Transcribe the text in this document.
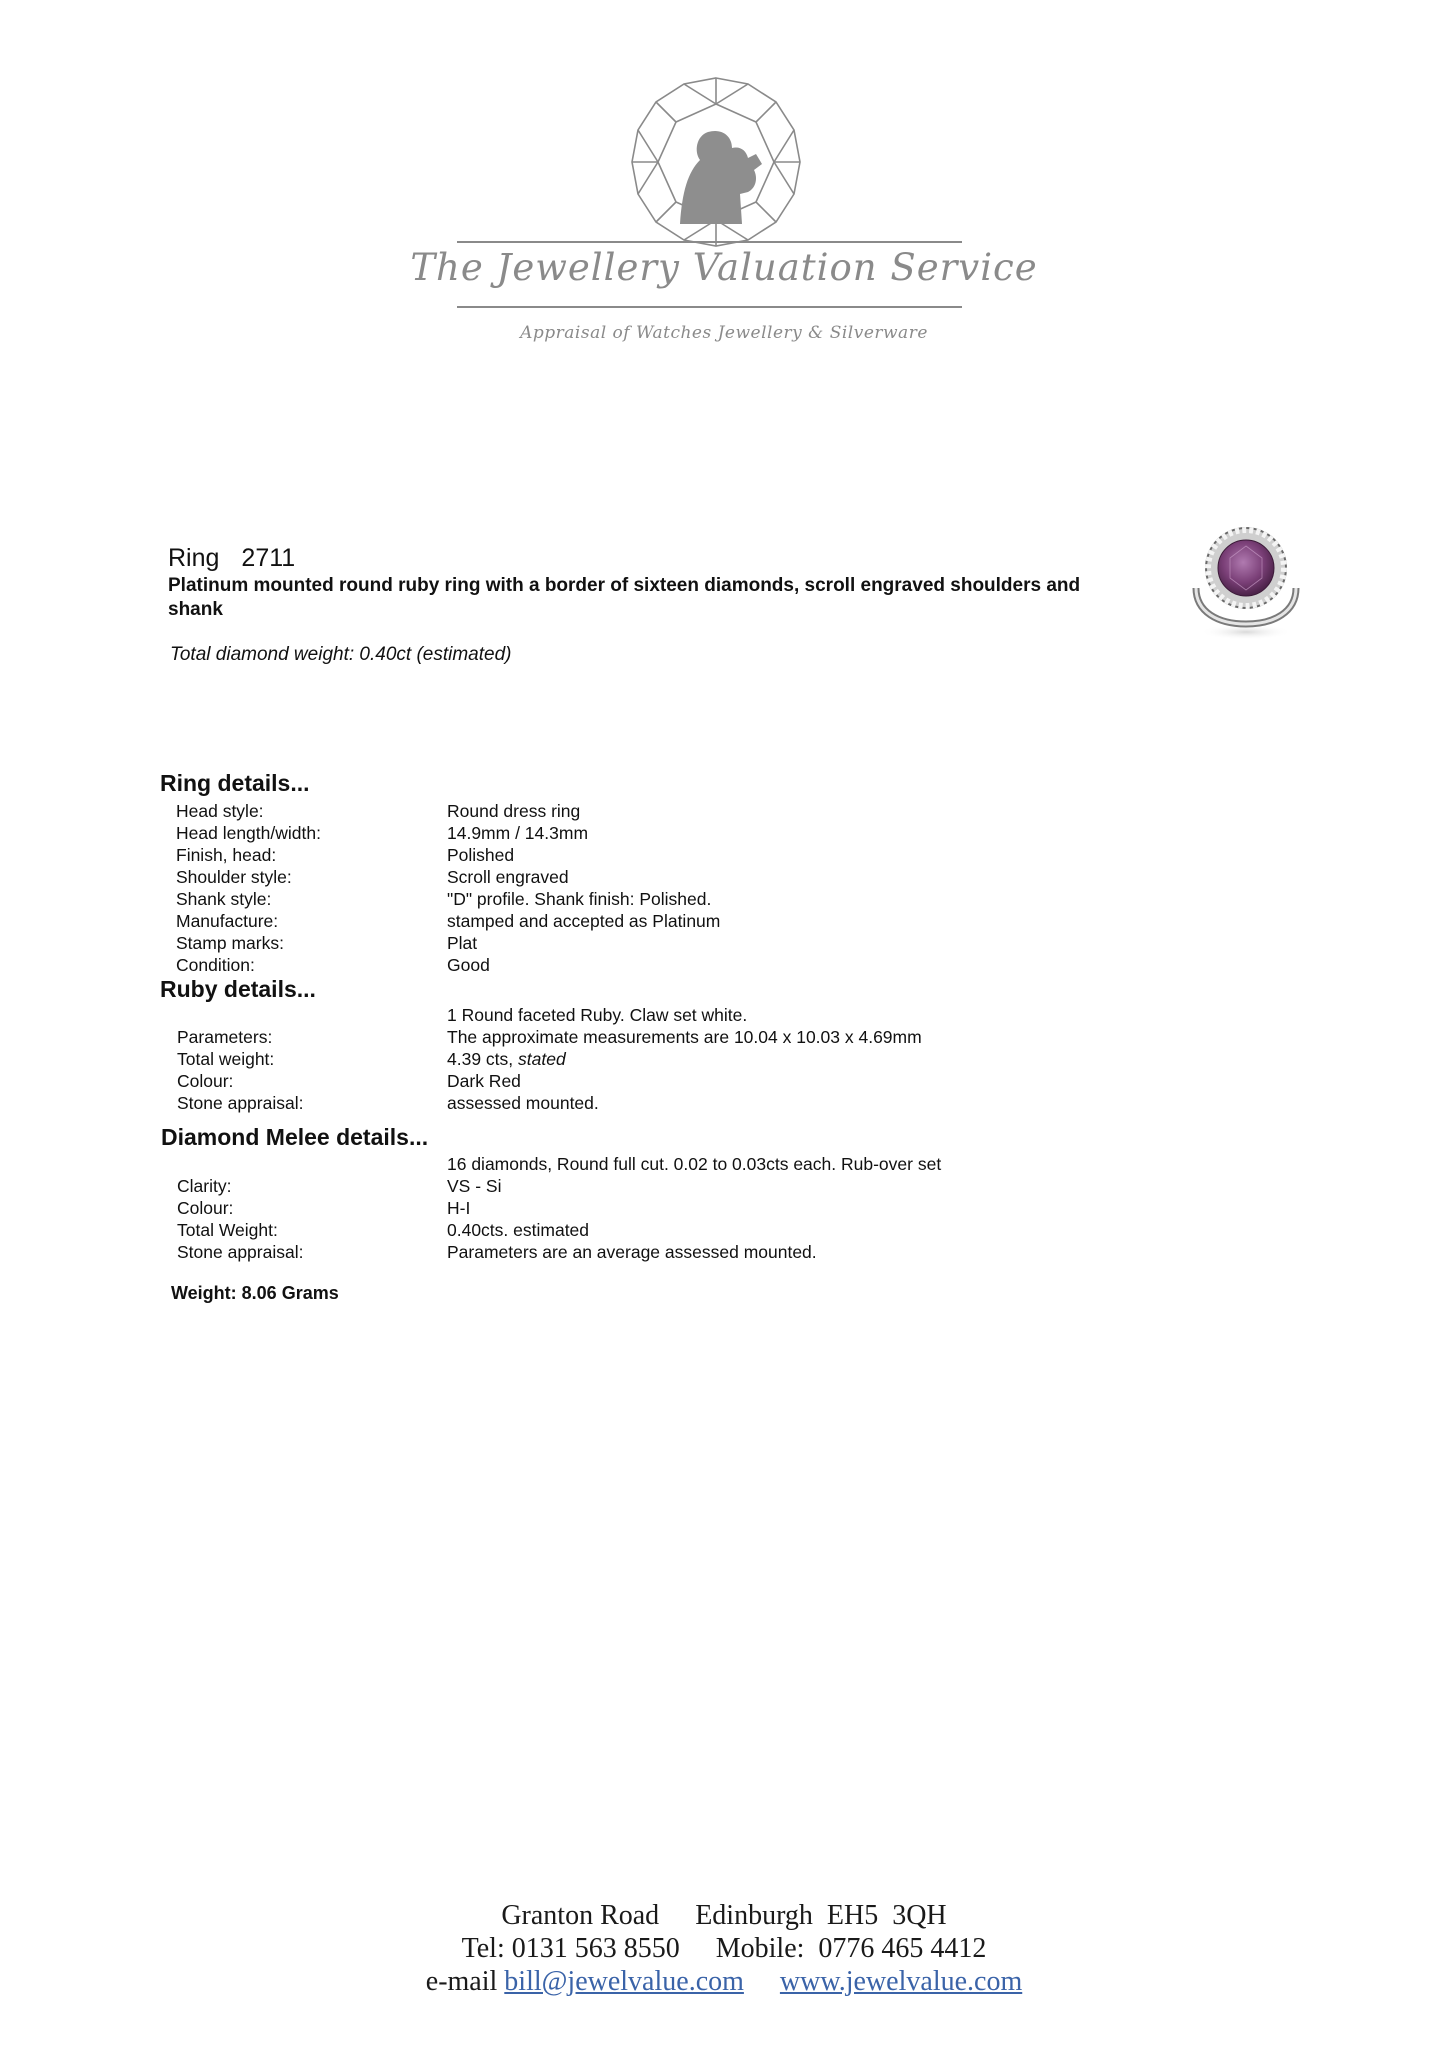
The Jewellery Valuation Service
Appraisal of Watches Jewellery & Silverware
Ring 2711
Platinum mounted round ruby ring with a border of sixteen diamonds, scroll engraved shoulders and shank
Total diamond weight: 0.40ct (estimated)
Ring details...
Head style:	Round dress ring
Head length/width:	14.9mm / 14.3mm
Finish, head:	Polished
Shoulder style:	Scroll engraved
Shank style:	"D" profile. Shank finish: Polished.
Manufacture:	stamped and accepted as Platinum
Stamp marks:	Plat
Condition:	Good
Ruby details...
1 Round faceted Ruby. Claw set white.
Parameters:	The approximate measurements are 10.04 x 10.03 x 4.69mm
Total weight:	4.39 cts, stated
Colour:	Dark Red
Stone appraisal:	assessed mounted.
Diamond Melee details...
16 diamonds, Round full cut. 0.02 to 0.03cts each. Rub-over set
Clarity:	VS - Si
Colour:	H-I
Total Weight:	0.40cts. estimated
Stone appraisal:	Parameters are an average assessed mounted.
Weight: 8.06 Grams
Granton Road Edinburgh EH5  3QH
Tel: 0131 563 8550 Mobile:  0776 465 4412
e-mail bill@jewelvalue.com www.jewelvalue.com
